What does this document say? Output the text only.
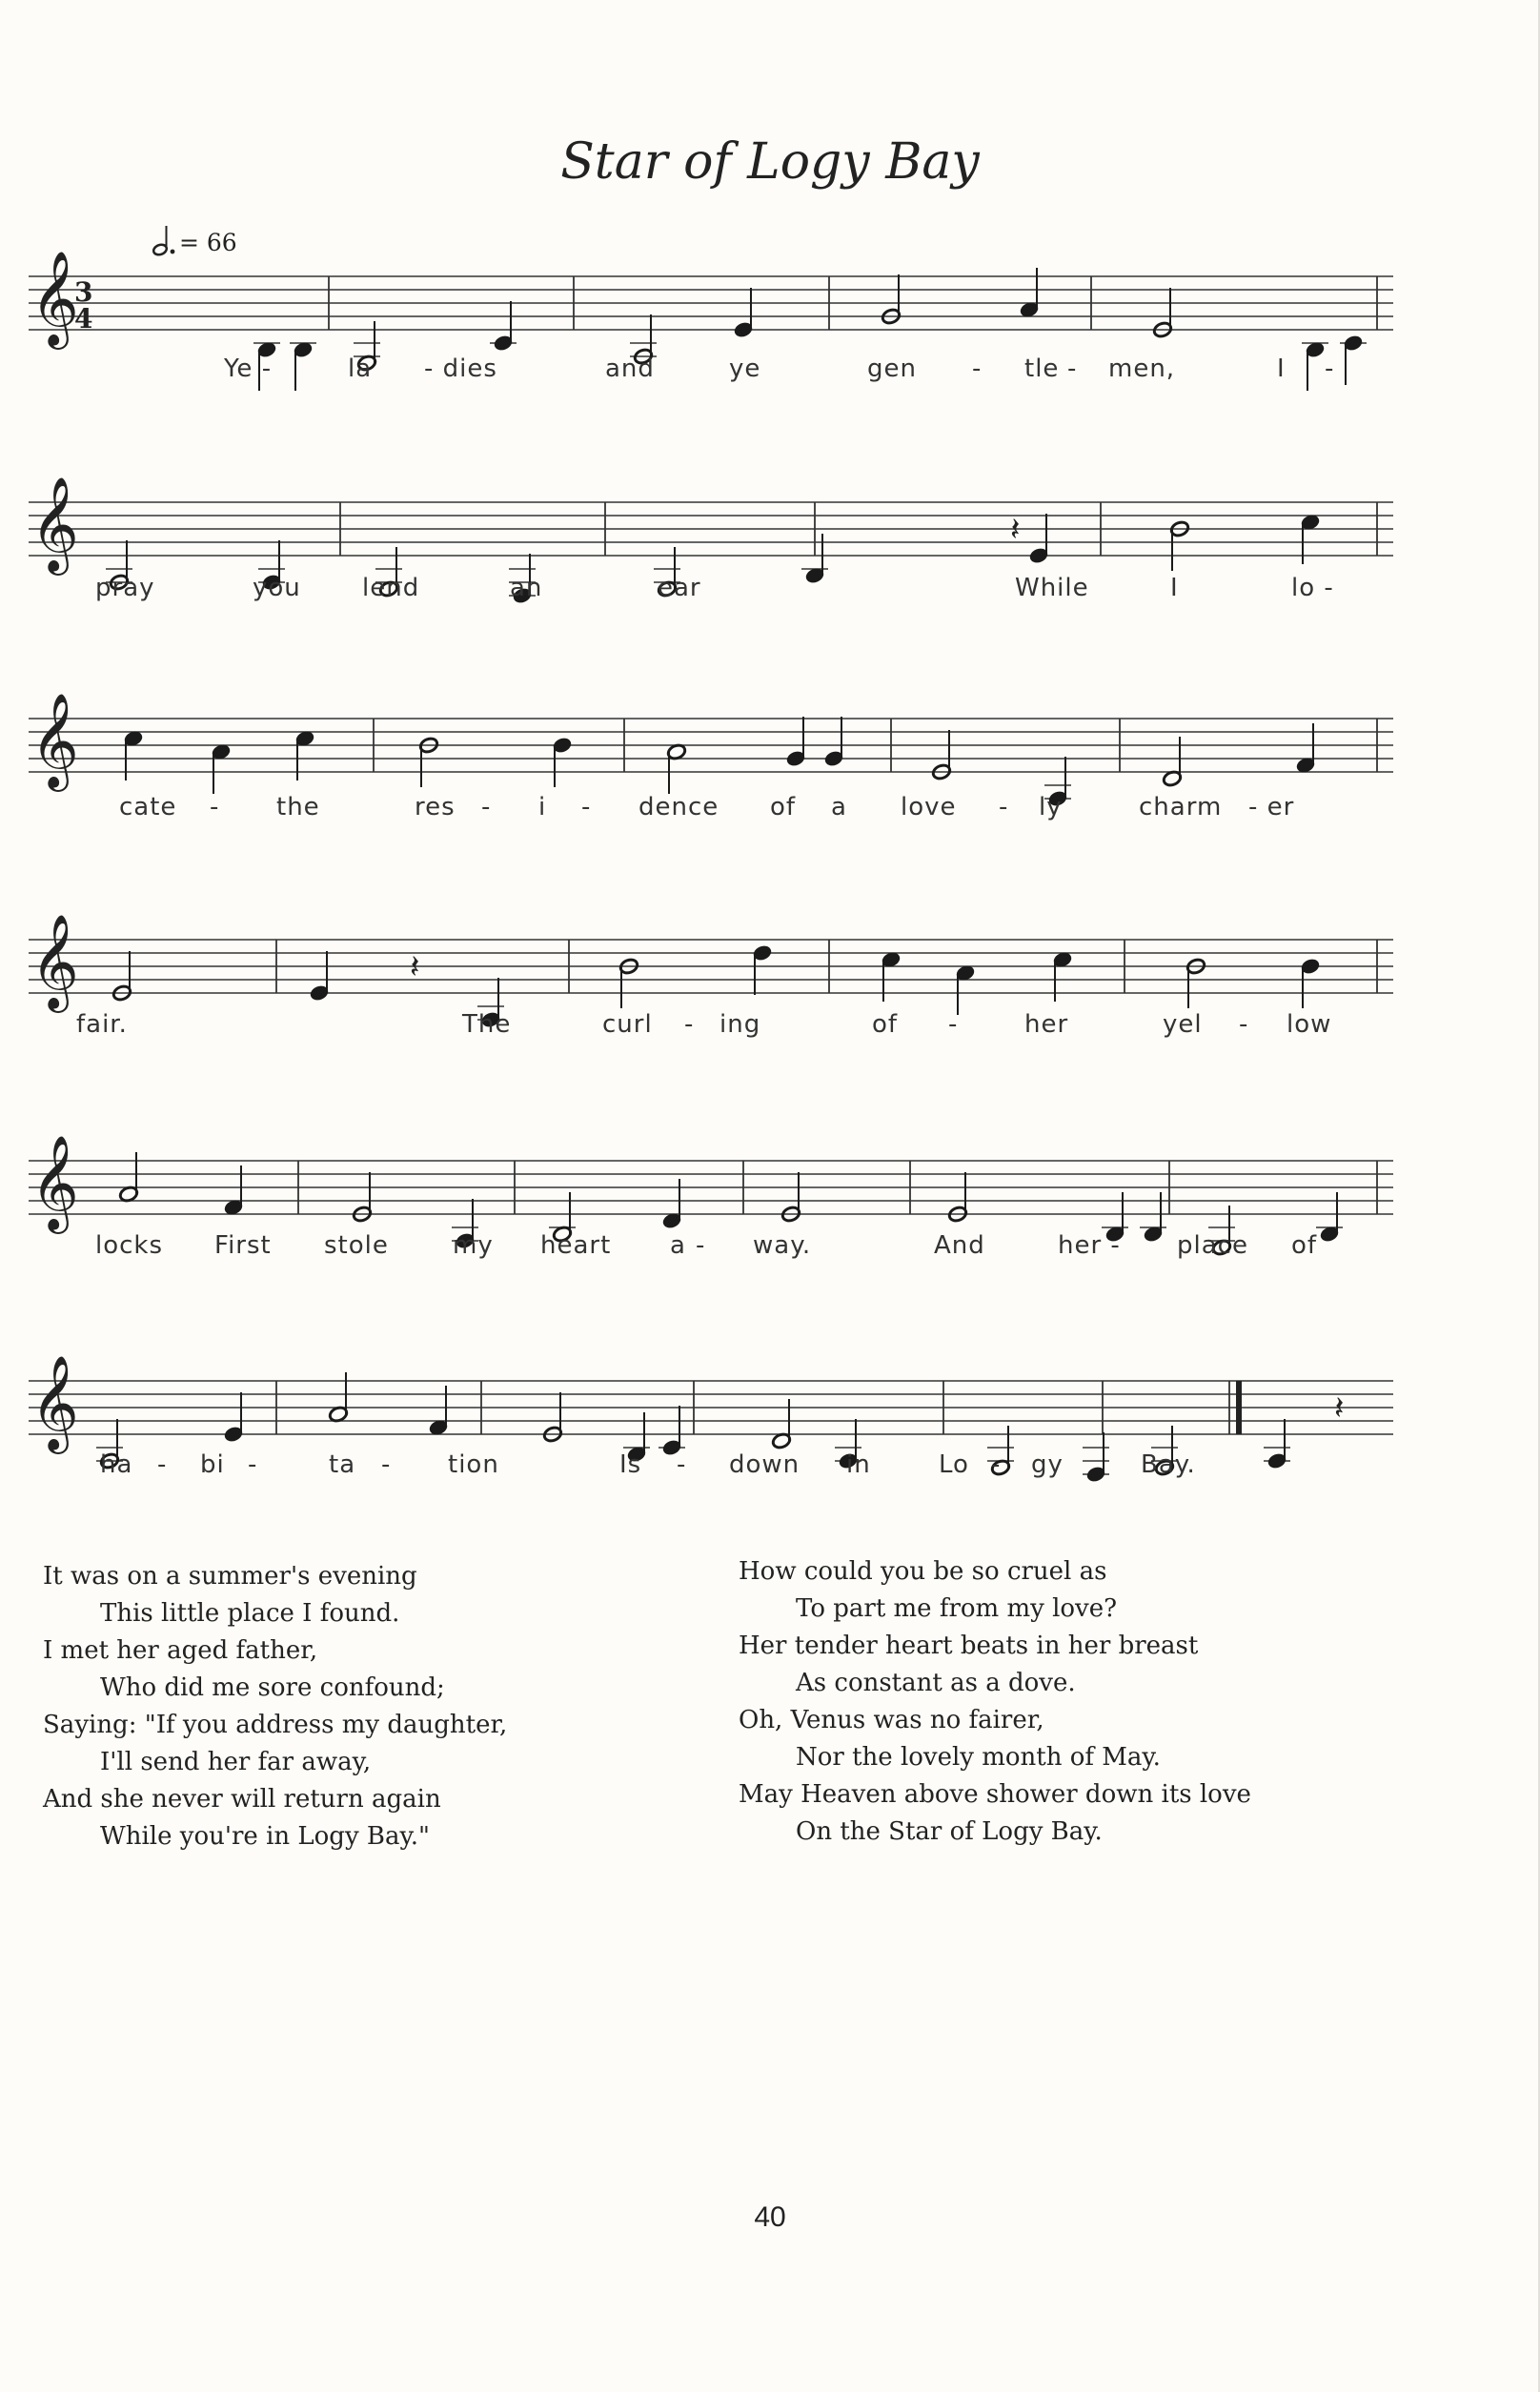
Star of Logy Bay
= 66
𝄞
3
4
Ye -	la - dies	and	ye	gen - tle - men,	I -
𝄞	𝄽
pray	you lend	an	ear	While	I	lo -
𝄞
cate - the	res - i - dence of a love - ly	charm - er
𝄞	𝄽
fair.	The	curl - ing	of -	her	yel - low
𝄞
locks First stole	my heart a - way.	And	her - place of
𝄞	𝄽
ha - bi -	ta - tion	Is - down in	Lo - gy	Bay.
It was on a summer's evening
This little place I found.
I met her aged father,
Who did me sore confound;
Saying: "If you address my daughter,
I'll send her far away,
And she never will return again
While you're in Logy Bay."
How could you be so cruel as
To part me from my love?
Her tender heart beats in her breast
As constant as a dove.
Oh, Venus was no fairer,
Nor the lovely month of May.
May Heaven above shower down its love
On the Star of Logy Bay.
40
